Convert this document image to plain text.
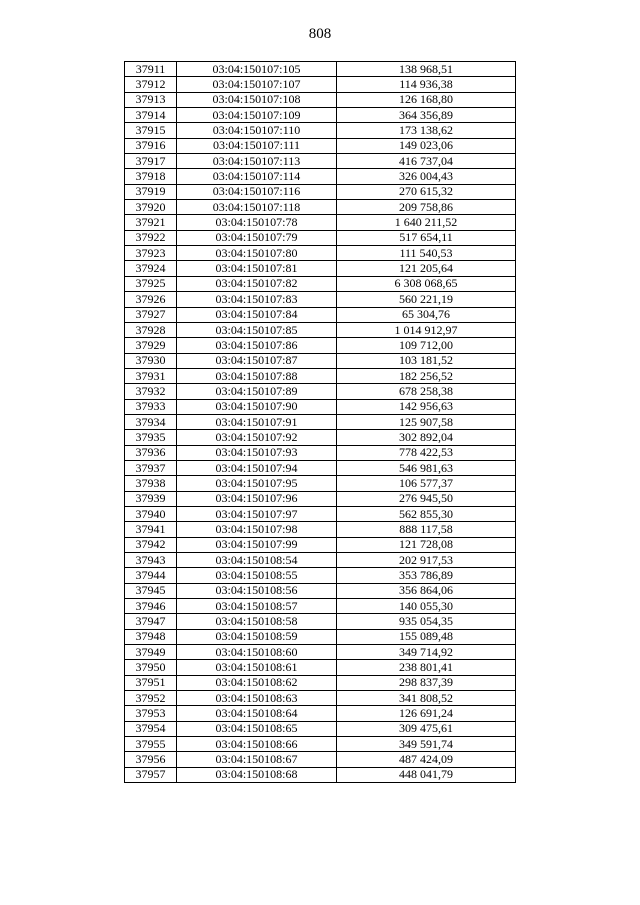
808
37911	03:04:150107:105	138 968,51
37912	03:04:150107:107	114 936,38
37913	03:04:150107:108	126 168,80
37914	03:04:150107:109	364 356,89
37915	03:04:150107:110	173 138,62
37916	03:04:150107:111	149 023,06
37917	03:04:150107:113	416 737,04
37918	03:04:150107:114	326 004,43
37919	03:04:150107:116	270 615,32
37920	03:04:150107:118	209 758,86
37921	03:04:150107:78	1 640 211,52
37922	03:04:150107:79	517 654,11
37923	03:04:150107:80	111 540,53
37924	03:04:150107:81	121 205,64
37925	03:04:150107:82	6 308 068,65
37926	03:04:150107:83	560 221,19
37927	03:04:150107:84	65 304,76
37928	03:04:150107:85	1 014 912,97
37929	03:04:150107:86	109 712,00
37930	03:04:150107:87	103 181,52
37931	03:04:150107:88	182 256,52
37932	03:04:150107:89	678 258,38
37933	03:04:150107:90	142 956,63
37934	03:04:150107:91	125 907,58
37935	03:04:150107:92	302 892,04
37936	03:04:150107:93	778 422,53
37937	03:04:150107:94	546 981,63
37938	03:04:150107:95	106 577,37
37939	03:04:150107:96	276 945,50
37940	03:04:150107:97	562 855,30
37941	03:04:150107:98	888 117,58
37942	03:04:150107:99	121 728,08
37943	03:04:150108:54	202 917,53
37944	03:04:150108:55	353 786,89
37945	03:04:150108:56	356 864,06
37946	03:04:150108:57	140 055,30
37947	03:04:150108:58	935 054,35
37948	03:04:150108:59	155 089,48
37949	03:04:150108:60	349 714,92
37950	03:04:150108:61	238 801,41
37951	03:04:150108:62	298 837,39
37952	03:04:150108:63	341 808,52
37953	03:04:150108:64	126 691,24
37954	03:04:150108:65	309 475,61
37955	03:04:150108:66	349 591,74
37956	03:04:150108:67	487 424,09
37957	03:04:150108:68	448 041,79
